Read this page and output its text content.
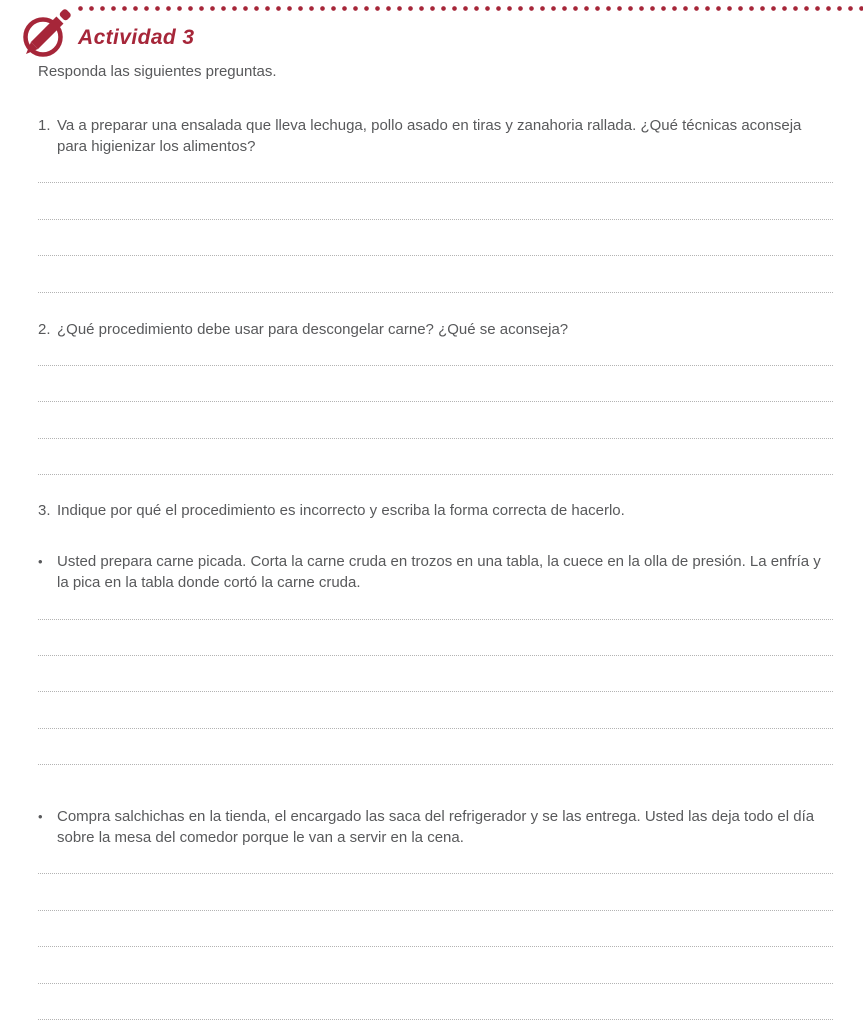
Actividad 3

Responda las siguientes preguntas.

1. Va a preparar una ensalada que lleva lechuga, pollo asado en tiras y zanahoria rallada. ¿Qué técnicas aconseja para higienizar los alimentos?

2. ¿Qué procedimiento debe usar para descongelar carne? ¿Qué se aconseja?

3. Indique por qué el procedimiento es incorrecto y escriba la forma correcta de hacerlo.

• Usted prepara carne picada. Corta la carne cruda en trozos en una tabla, la cuece en la olla de presión. La enfría y la pica en la tabla donde cortó la carne cruda.

• Compra salchichas en la tienda, el encargado las saca del refrigerador y se las entrega. Usted las deja todo el día sobre la mesa del comedor porque le van a servir en la cena.
